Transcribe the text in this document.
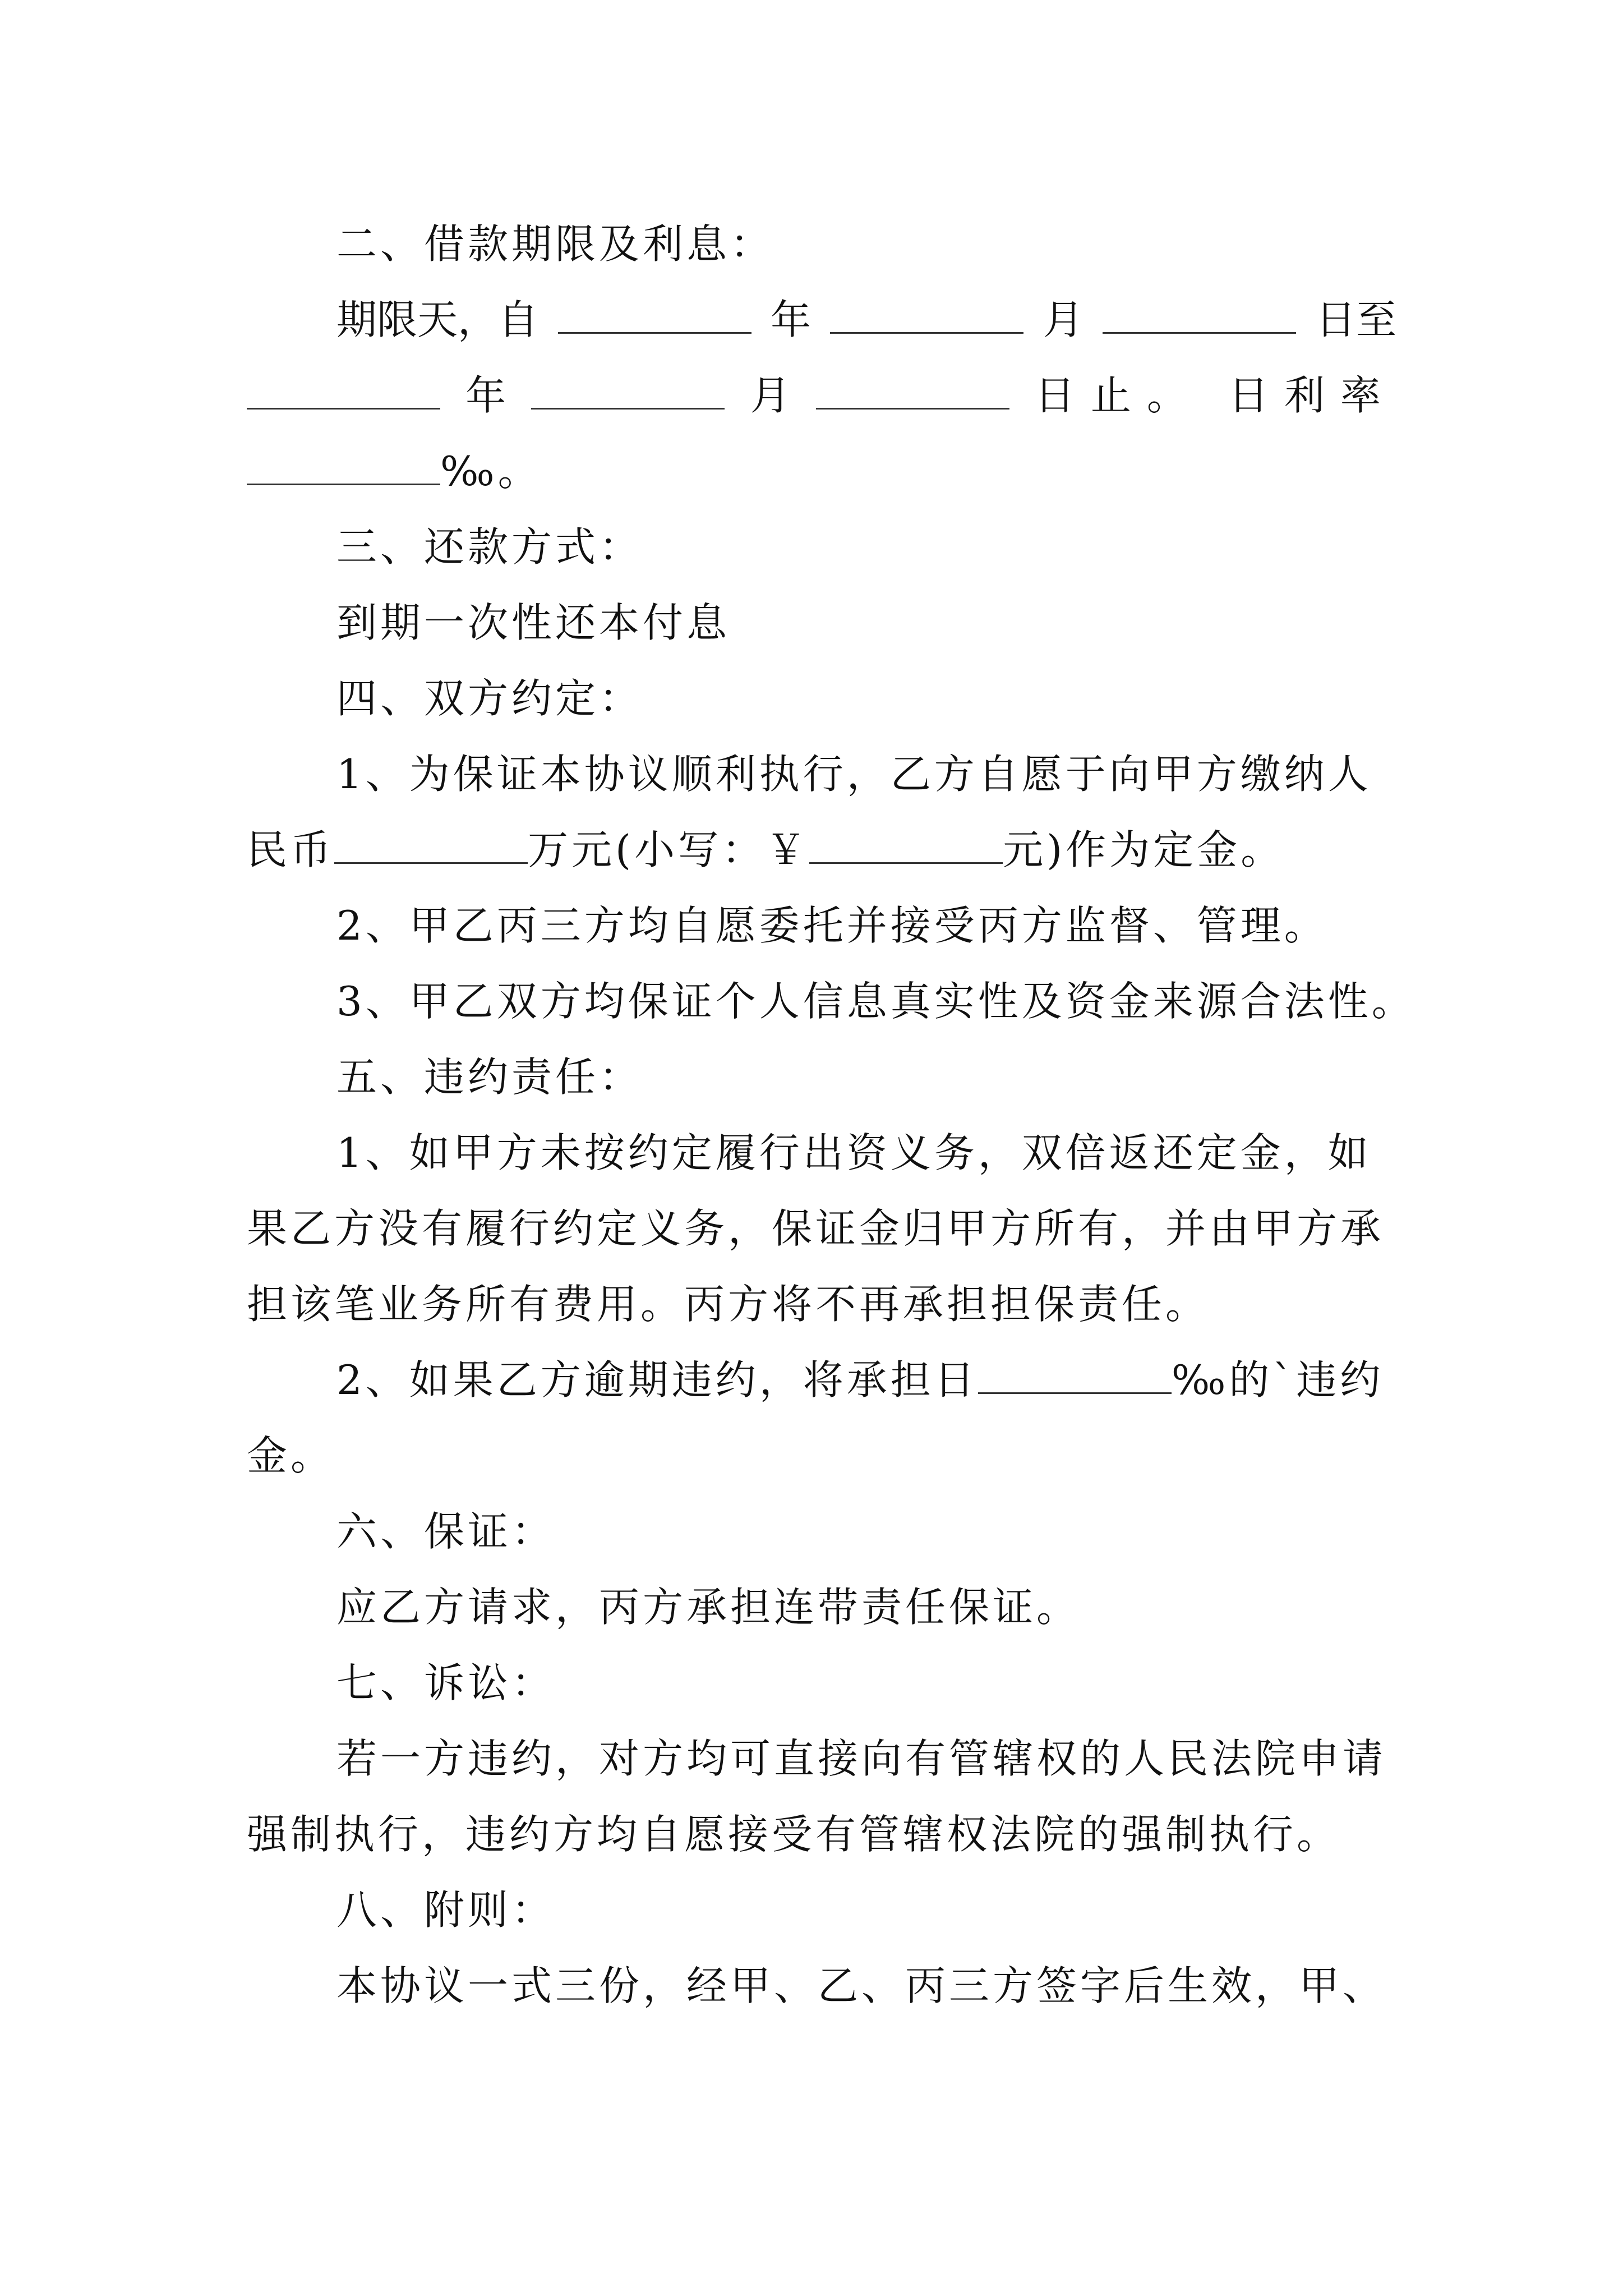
二、借款期限及利息：
期限天，自	年	月	日至
年	月	日止。 日利率
‰。
三、还款方式：
到期一次性还本付息
四、双方约定：
1、为保证本协议顺利执行，乙方自愿于向甲方缴纳人
民币	万元(小写：￥	元)作为定金。
2、甲乙丙三方均自愿委托并接受丙方监督、管理。
3、甲乙双方均保证个人信息真实性及资金来源合法性。
五、违约责任：
1、如甲方未按约定履行出资义务，双倍返还定金，如
果乙方没有履行约定义务，保证金归甲方所有，并由甲方承
担该笔业务所有费用。丙方将不再承担担保责任。
2、如果乙方逾期违约，将承担日	‰的`违约
金。
六、保证：
应乙方请求，丙方承担连带责任保证。
七、诉讼：
若一方违约，对方均可直接向有管辖权的人民法院申请
强制执行，违约方均自愿接受有管辖权法院的强制执行。
八、附则：
本协议一式三份，经甲、乙、丙三方签字后生效，甲、
